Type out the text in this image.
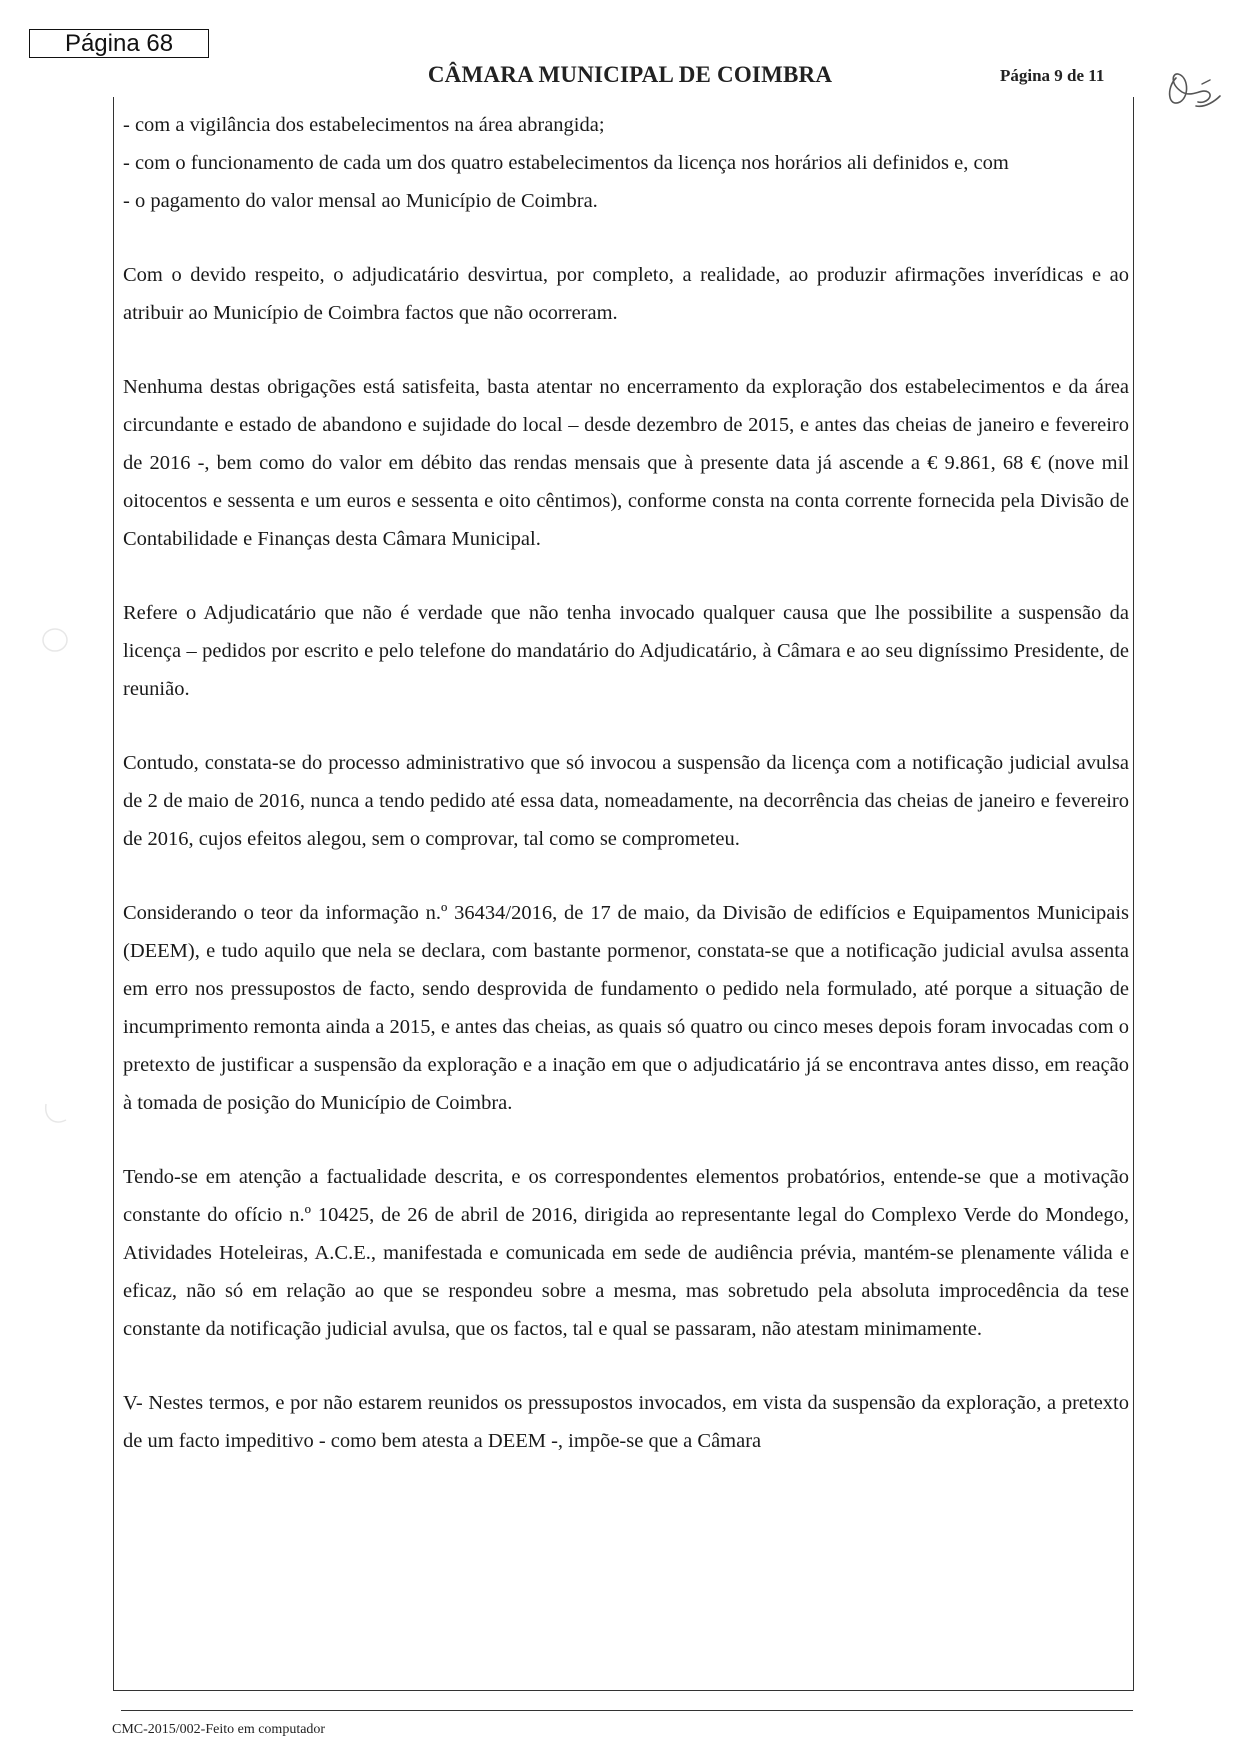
Página 68
CÂMARA MUNICIPAL DE COIMBRA	Página 9 de 11

- com a vigilância dos estabelecimentos na área abrangida;
- com o funcionamento de cada um dos quatro estabelecimentos da licença nos horários ali definidos e, com
- o pagamento do valor mensal ao Município de Coimbra.

Com o devido respeito, o adjudicatário desvirtua, por completo, a realidade, ao produzir afirmações inverídicas e ao atribuir ao Município de Coimbra factos que não ocorreram.

Nenhuma destas obrigações está satisfeita, basta atentar no encerramento da exploração dos estabelecimentos e da área circundante e estado de abandono e sujidade do local – desde dezembro de 2015, e antes das cheias de janeiro e fevereiro de 2016 -, bem como do valor em débito das rendas mensais que à presente data já ascende a € 9.861, 68 € (nove mil oitocentos e sessenta e um euros e sessenta e oito cêntimos), conforme consta na conta corrente fornecida pela Divisão de Contabilidade e Finanças desta Câmara Municipal.

Refere o Adjudicatário que não é verdade que não tenha invocado qualquer causa que lhe possibilite a suspensão da licença – pedidos por escrito e pelo telefone do mandatário do Adjudicatário, à Câmara e ao seu digníssimo Presidente, de reunião.

Contudo, constata-se do processo administrativo que só invocou a suspensão da licença com a notificação judicial avulsa de 2 de maio de 2016, nunca a tendo pedido até essa data, nomeadamente, na decorrência das cheias de janeiro e fevereiro de 2016, cujos efeitos alegou, sem o comprovar, tal como se comprometeu.

Considerando o teor da informação n.º 36434/2016, de 17 de maio, da Divisão de edifícios e Equipamentos Municipais (DEEM), e tudo aquilo que nela se declara, com bastante pormenor, constata-se que a notificação judicial avulsa assenta em erro nos pressupostos de facto, sendo desprovida de fundamento o pedido nela formulado, até porque a situação de incumprimento remonta ainda a 2015, e antes das cheias, as quais só quatro ou cinco meses depois foram invocadas com o pretexto de justificar a suspensão da exploração e a inação em que o adjudicatário já se encontrava antes disso, em reação à tomada de posição do Município de Coimbra.

Tendo-se em atenção a factualidade descrita, e os correspondentes elementos probatórios, entende-se que a motivação constante do ofício n.º 10425, de 26 de abril de 2016, dirigida ao representante legal do Complexo Verde do Mondego, Atividades Hoteleiras, A.C.E., manifestada e comunicada em sede de audiência prévia, mantém-se plenamente válida e eficaz, não só em relação ao que se respondeu sobre a mesma, mas sobretudo pela absoluta improcedência da tese constante da notificação judicial avulsa, que os factos, tal e qual se passaram, não atestam minimamente.

V- Nestes termos, e por não estarem reunidos os pressupostos invocados, em vista da suspensão da exploração, a pretexto de um facto impeditivo - como bem atesta a DEEM -, impõe-se que a Câmara

CMC-2015/002-Feito em computador
